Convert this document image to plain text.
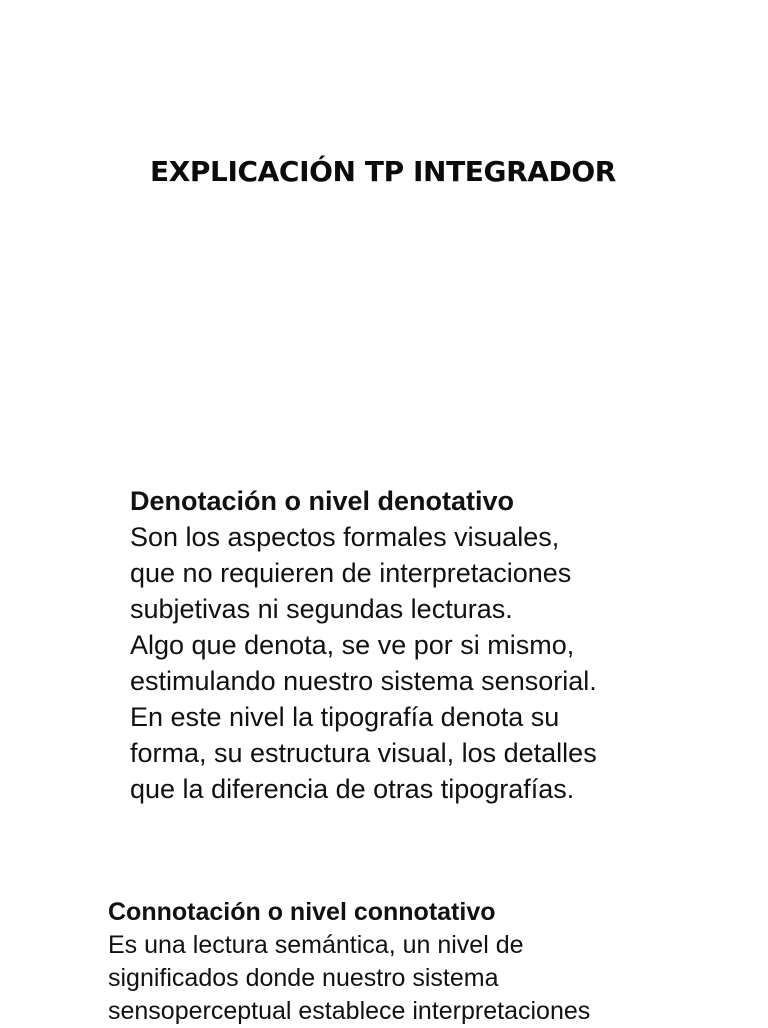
EXPLICACIÓN TP INTEGRADOR
Denotación o nivel denotativo
Son los aspectos formales visuales,
que no requieren de interpretaciones
subjetivas ni segundas lecturas.
Algo que denota, se ve por si mismo,
estimulando nuestro sistema sensorial.
En este nivel la tipografía denota su
forma, su estructura visual, los detalles
que la diferencia de otras tipografías.
Connotación o nivel connotativo
Es una lectura semántica, un nivel de
significados donde nuestro sistema
sensoperceptual establece interpretaciones
